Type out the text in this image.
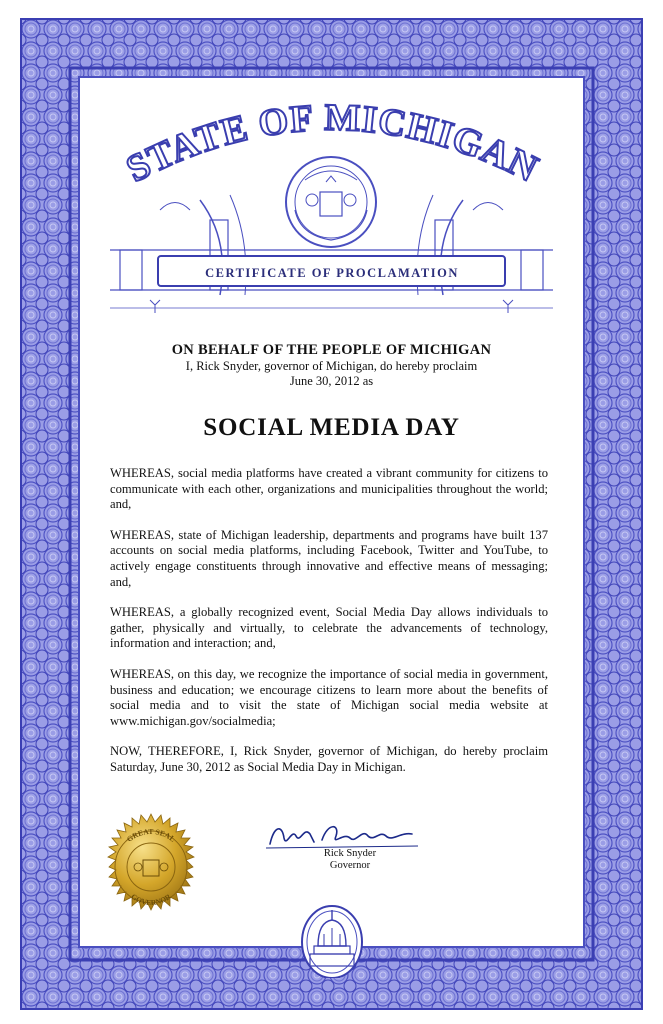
STATE OF MICHIGAN
CERTIFICATE OF PROCLAMATION
ON BEHALF OF THE PEOPLE OF MICHIGAN
I, Rick Snyder, governor of Michigan, do hereby proclaim
June 30, 2012 as
SOCIAL MEDIA DAY

WHEREAS, social media platforms have created a vibrant community for citizens to communicate with each other, organizations and municipalities throughout the world; and,

WHEREAS, state of Michigan leadership, departments and programs have built 137 accounts on social media platforms, including Facebook, Twitter and YouTube, to actively engage constituents through innovative and effective means of messaging; and,

WHEREAS, a globally recognized event, Social Media Day allows individuals to gather, physically and virtually, to celebrate the advancements of technology, information and interaction; and,

WHEREAS, on this day, we recognize the importance of social media in government, business and education; we encourage citizens to learn more about the benefits of social media and to visit the state of Michigan social media website at www.michigan.gov/socialmedia;

NOW, THEREFORE, I, Rick Snyder, governor of Michigan, do hereby proclaim Saturday, June 30, 2012 as Social Media Day in Michigan.

GREAT SEAL
GOVERNOR
Rick Snyder
Rick Snyder
Governor
